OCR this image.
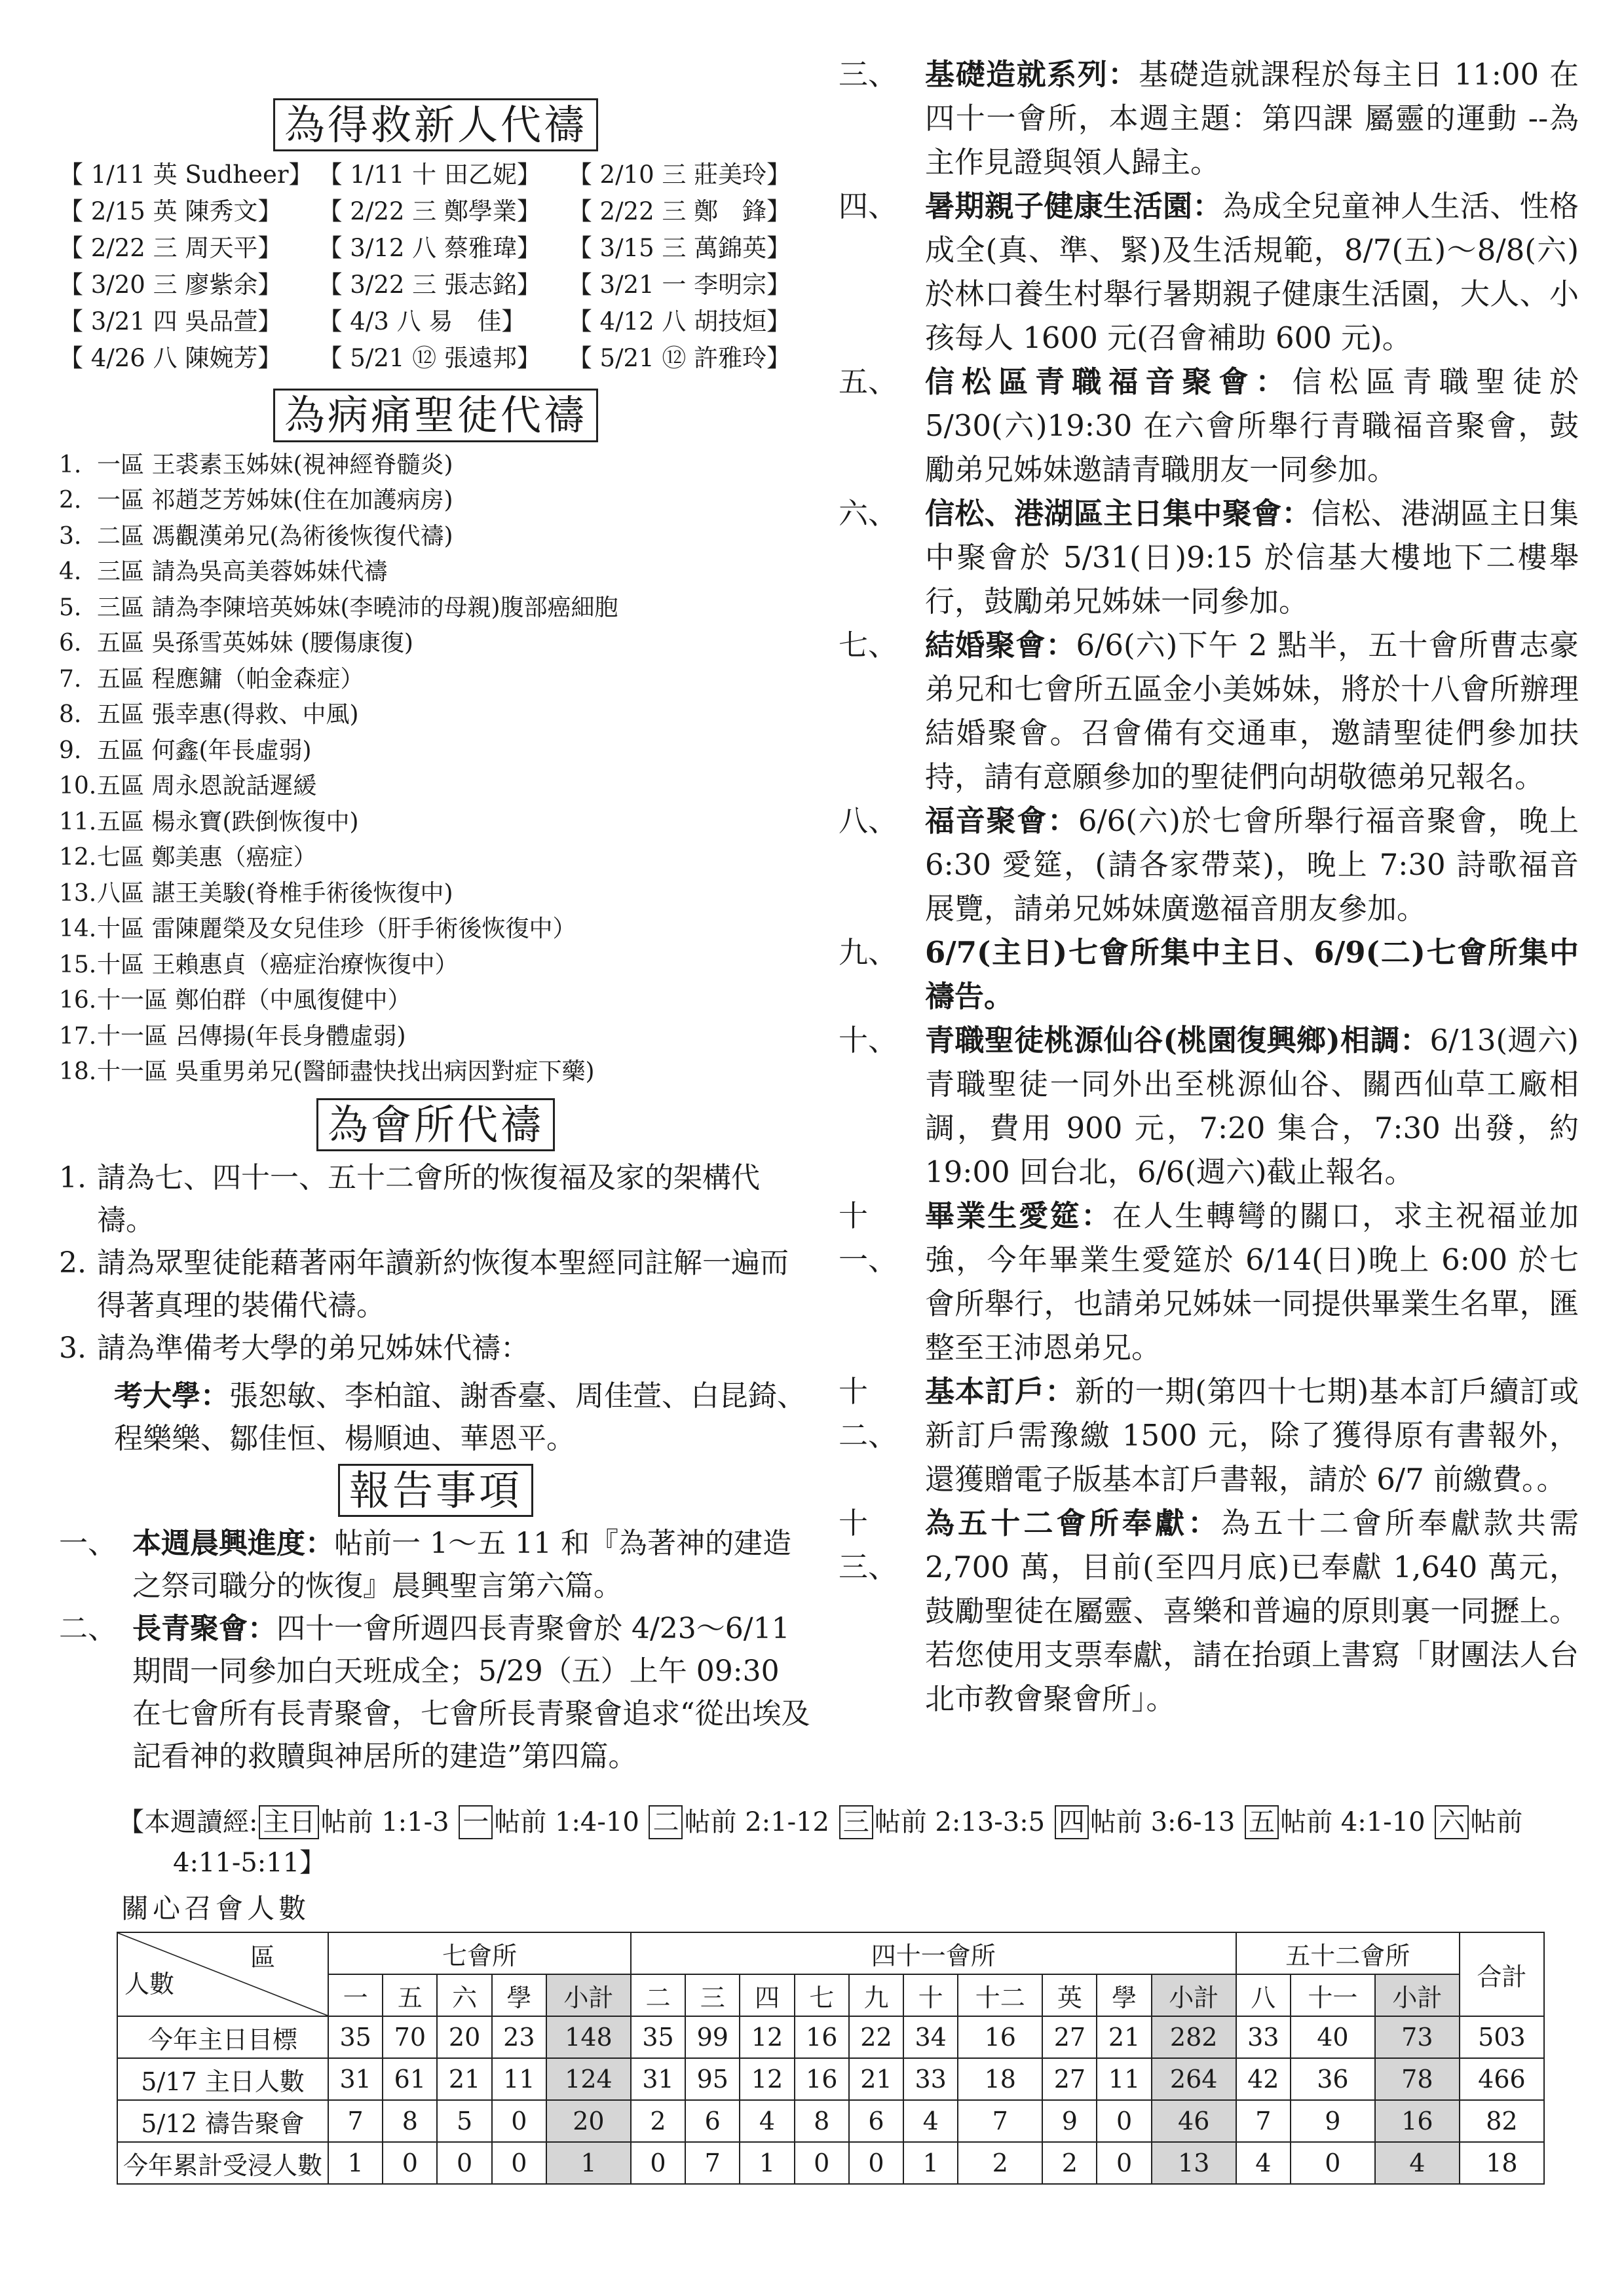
為得救新人代禱
【 1/11 英 Sudheer】 【 1/11 十 田乙妮】	【 2/10 三 莊美玲】
【 2/15 英 陳秀文】	【 2/22 三 鄭學業】	【 2/22 三 鄭　鋒】
【 2/22 三 周天平】	【 3/12 八 蔡雅瑋】	【 3/15 三 萬錦英】
【 3/20 三 廖紫余】	【 3/22 三 張志銘】	【 3/21 一 李明宗】
【 3/21 四 吳品萱】	【 4/3 八 易　佳】	【 4/12 八 胡技烜】
【 4/26 八 陳婉芳】	【 5/21 ⑫ 張遠邦】	【 5/21 ⑫ 許雅玲】
為病痛聖徒代禱
1. 一區 王裘素玉姊妹(視神經脊髓炎)
2. 一區 祁趙芝芳姊妹(住在加護病房)
3. 二區 馮觀漢弟兄(為術後恢復代禱)
4. 三區 請為吳高美蓉姊妹代禱
5. 三區 請為李陳培英姊妹(李曉沛的母親)腹部癌細胞
6. 五區 吳孫雪英姊妹 (腰傷康復)
7. 五區 程應鏞（帕金森症）
8. 五區 張幸惠(得救、中風)
9. 五區 何鑫(年長虛弱)
10.五區 周永恩說話遲緩
11.五區 楊永寶(跌倒恢復中)
12.七區 鄭美惠（癌症）
13.八區 諶王美駿(脊椎手術後恢復中)
14.十區 雷陳麗榮及女兒佳珍（肝手術後恢復中）
15.十區 王賴惠貞（癌症治療恢復中）
16.十一區 鄭伯群（中風復健中）
17.十一區 呂傳揚(年長身體虛弱)
18.十一區 吳重男弟兄(醫師盡快找出病因對症下藥)
為會所代禱
1. 請為七、四十一、五十二會所的恢復福及家的架構代禱。
2. 請為眾聖徒能藉著兩年讀新約恢復本聖經同註解一遍而得著真理的裝備代禱。
3. 請為準備考大學的弟兄姊妹代禱：
考大學：張恕敏、李柏誼、謝香臺、周佳萱、白昆錡、程樂樂、鄒佳恒、楊順迪、華恩平。
報告事項
一、 本週晨興進度：帖前一 1～五 11 和『為著神的建造之祭司職分的恢復』晨興聖言第六篇。
二、 長青聚會：四十一會所週四長青聚會於 4/23～6/11 期間一同參加白天班成全；5/29（五）上午 09:30 在七會所有長青聚會，七會所長青聚會追求“從出埃及記看神的救贖與神居所的建造”第四篇。
三、 基礎造就系列：基礎造就課程於每主日 11:00 在四十一會所，本週主題：第四課 屬靈的運動 --為主作見證與領人歸主。
四、 暑期親子健康生活園：為成全兒童神人生活、性格成全(真、準、緊)及生活規範，8/7(五)～8/8(六)於林口養生村舉行暑期親子健康生活園，大人、小孩每人 1600 元(召會補助 600 元)。
五、 信松區青職福音聚會：信松區青職聖徒於 5/30(六)19:30 在六會所舉行青職福音聚會，鼓勵弟兄姊妹邀請青職朋友一同參加。
六、 信松、港湖區主日集中聚會：信松、港湖區主日集中聚會於 5/31(日)9:15 於信基大樓地下二樓舉行，鼓勵弟兄姊妹一同參加。
七、 結婚聚會：6/6(六)下午 2 點半，五十會所曹志豪弟兄和七會所五區金小美姊妹，將於十八會所辦理結婚聚會。召會備有交通車，邀請聖徒們參加扶持，請有意願參加的聖徒們向胡敬德弟兄報名。
八、 福音聚會：6/6(六)於七會所舉行福音聚會，晚上 6:30 愛筵，(請各家帶菜)，晚上 7:30 詩歌福音展覽，請弟兄姊妹廣邀福音朋友參加。
九、 6/7(主日)七會所集中主日、6/9(二)七會所集中禱告。
十、 青職聖徒桃源仙谷(桃園復興鄉)相調：6/13(週六)青職聖徒一同外出至桃源仙谷、關西仙草工廠相調，費用 900 元，7:20 集合，7:30 出發，約 19:00 回台北，6/6(週六)截止報名。
十一、
畢業生愛筵：在人生轉彎的關口，求主祝福並加強，今年畢業生愛筵於 6/14(日)晚上 6:00 於七會所舉行，也請弟兄姊妹一同提供畢業生名單，匯整至王沛恩弟兄。
十二、
基本訂戶：新的一期(第四十七期)基本訂戶續訂或新訂戶需豫繳 1500 元，除了獲得原有書報外，還獲贈電子版基本訂戶書報，請於 6/7 前繳費。。
十三、
為五十二會所奉獻：為五十二會所奉獻款共需 2,700 萬，目前(至四月底)已奉獻 1,640 萬元，鼓勵聖徒在屬靈、喜樂和普遍的原則裏一同攊上。若您使用支票奉獻，請在抬頭上書寫「財團法人台北市教會聚會所」。
【本週讀經: 主日 帖前 1:1-3 一 帖前 1:4-10 二 帖前 2:1-12 三 帖前 2:13-3:5 四 帖前 3:6-13 五 帖前 4:1-10 六 帖前
4:11-5:11】
關心召會人數
區
人數	七會所					四十一會所										五十二會所			合計
	一	五	六	學	小計	二	三	四	七	九	十	十二	英	學	小計	八	十一	小計	
今年主日目標	35	70	20	23	148	35	99	12	16	22	34	16	27	21	282	33	40	73	503
5/17 主日人數	31	61	21	11	124	31	95	12	16	21	33	18	27	11	264	42	36	78	466
5/12 禱告聚會	7	8	5	0	20	2	6	4	8	6	4	7	9	0	46	7	9	16	82
今年累計受浸人數	1	0	0	0	1	0	7	1	0	0	1	2	2	0	13	4	0	4	18
